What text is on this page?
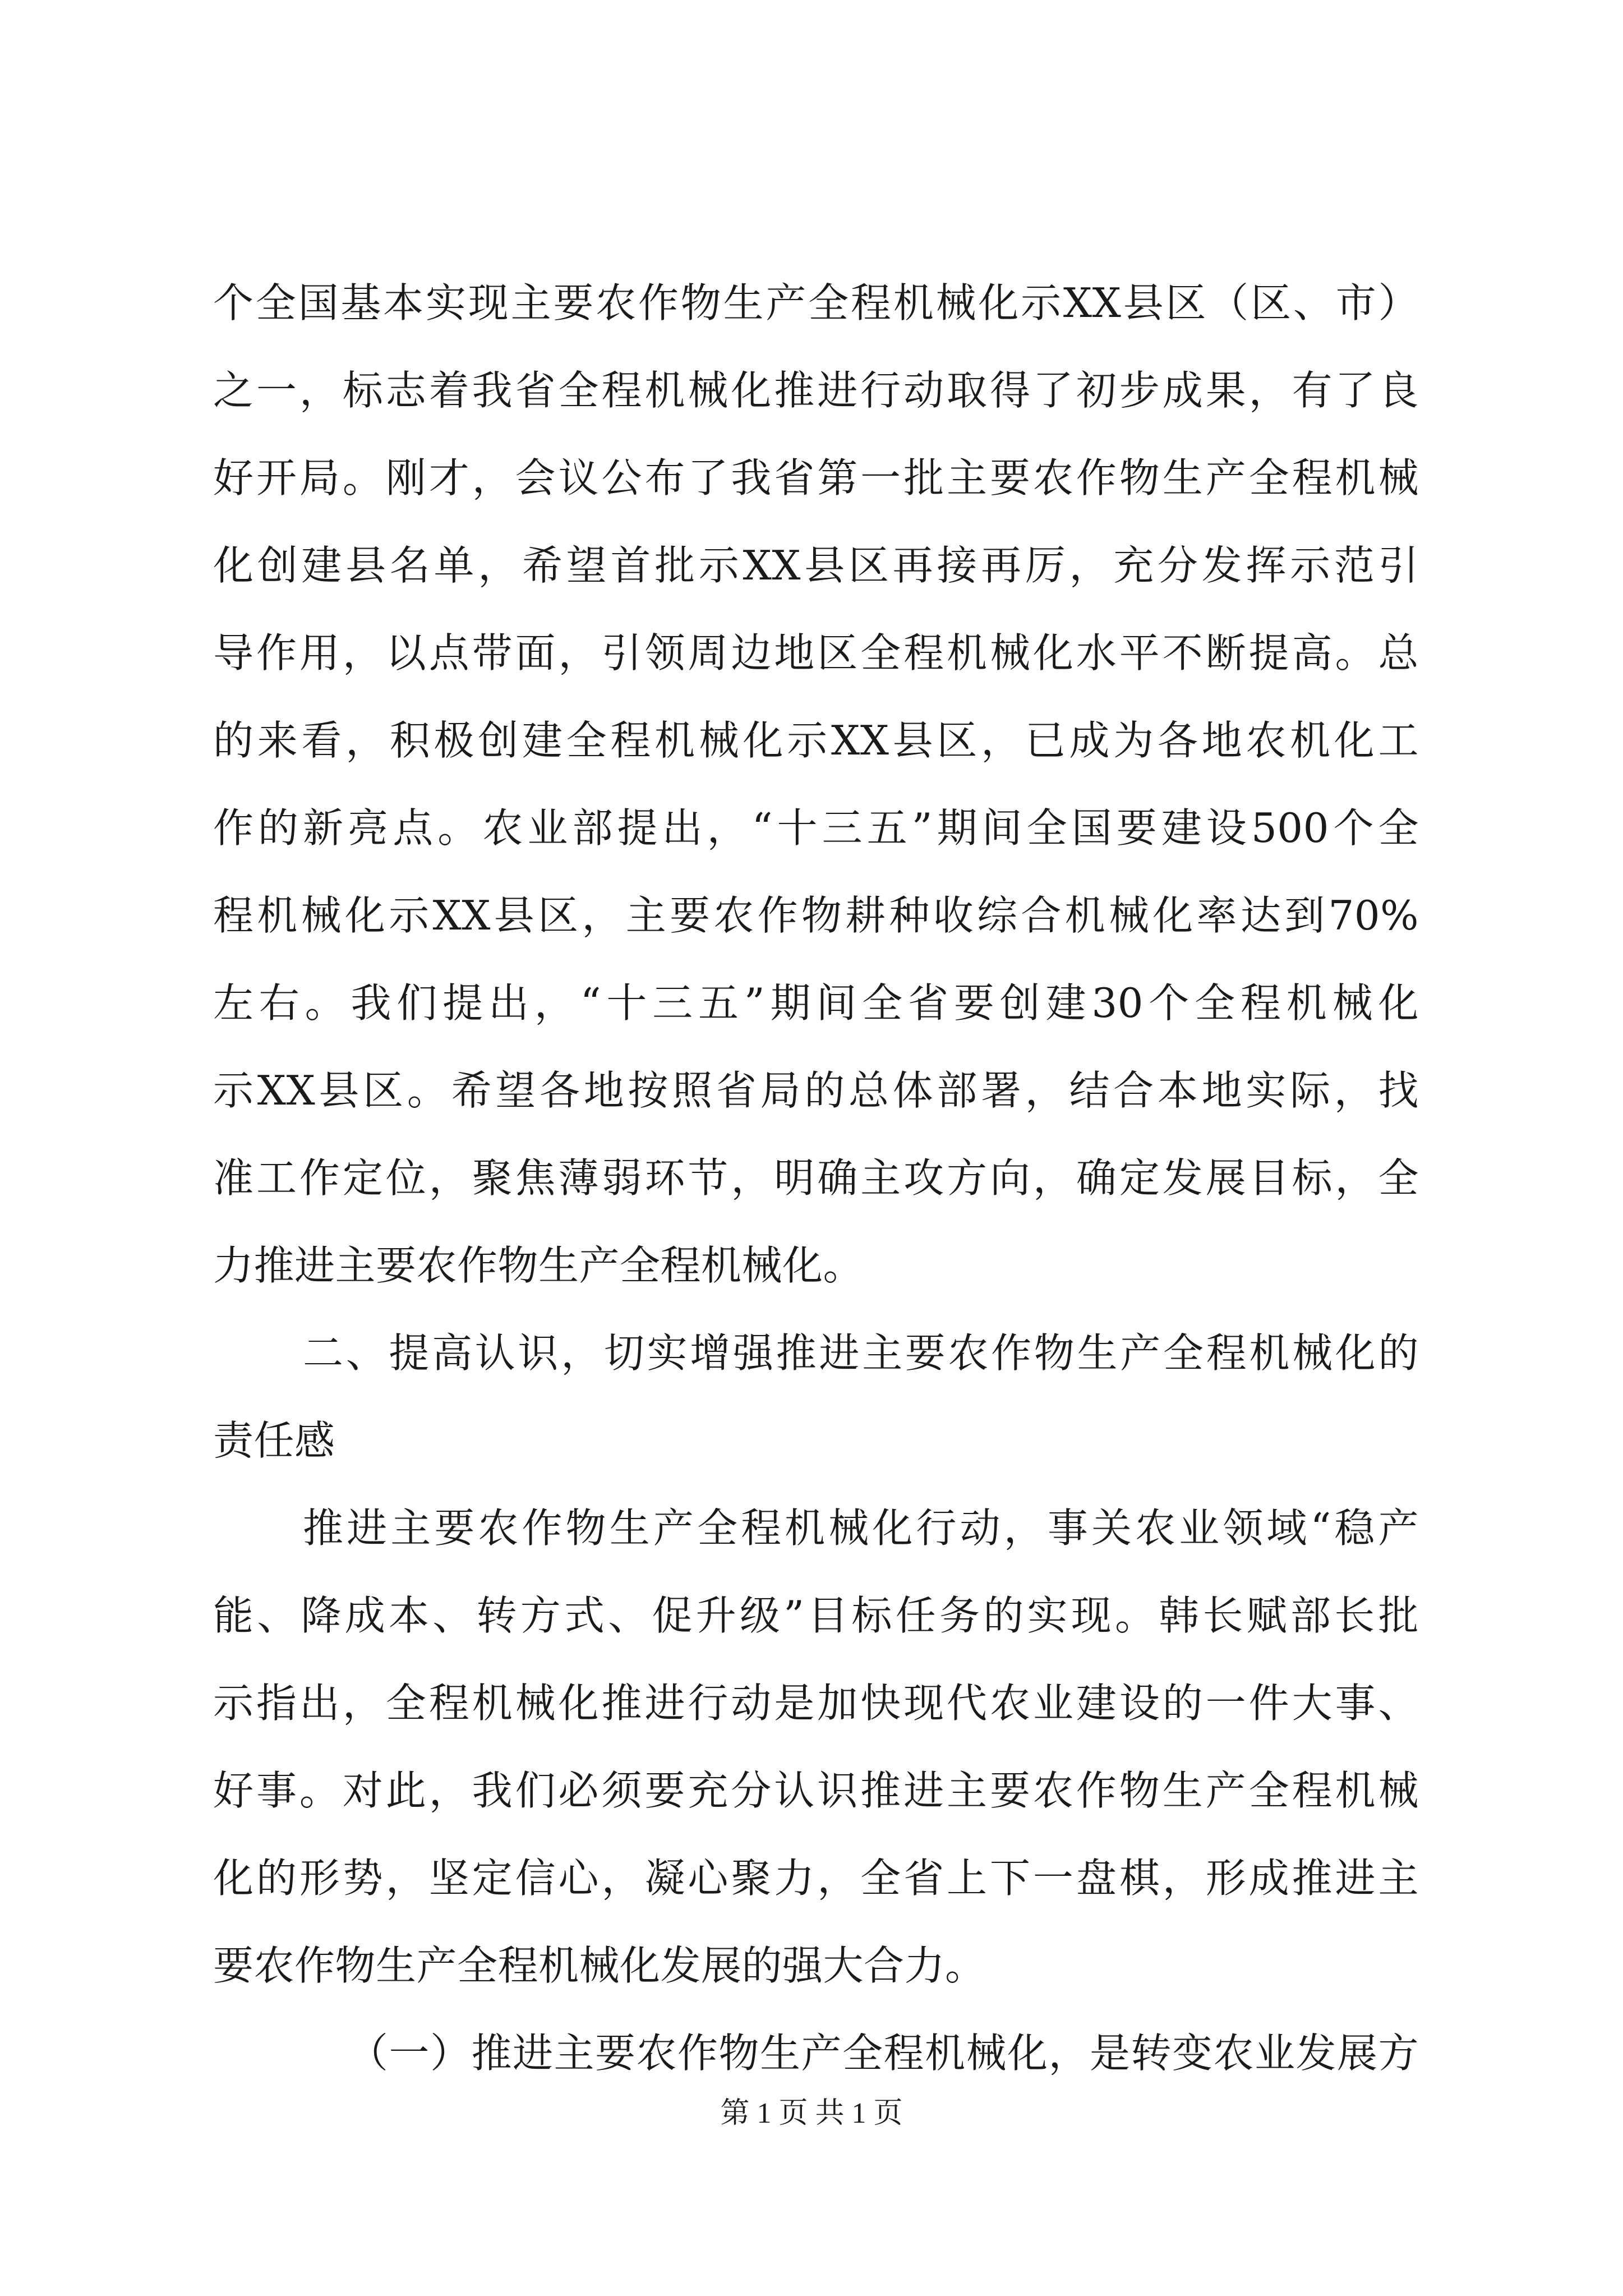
个全国基本实现主要农作物生产全程机械化示XX县区（区、市）
之一，标志着我省全程机械化推进行动取得了初步成果，有了良
好开局。刚才，会议公布了我省第一批主要农作物生产全程机械
化创建县名单，希望首批示XX县区再接再厉，充分发挥示范引
导作用，以点带面，引领周边地区全程机械化水平不断提高。总
的来看，积极创建全程机械化示XX县区，已成为各地农机化工
作的新亮点。农业部提出，“十三五”期间全国要建设500个全
程机械化示XX县区，主要农作物耕种收综合机械化率达到70%
左右。我们提出，“十三五”期间全省要创建30个全程机械化
示XX县区。希望各地按照省局的总体部署，结合本地实际，找
准工作定位，聚焦薄弱环节，明确主攻方向，确定发展目标，全
力推进主要农作物生产全程机械化。
二、提高认识，切实增强推进主要农作物生产全程机械化的
责任感
推进主要农作物生产全程机械化行动，事关农业领域“稳产
能、降成本、转方式、促升级”目标任务的实现。韩长赋部长批
示指出，全程机械化推进行动是加快现代农业建设的一件大事、
好事。对此，我们必须要充分认识推进主要农作物生产全程机械
化的形势，坚定信心，凝心聚力，全省上下一盘棋，形成推进主
要农作物生产全程机械化发展的强大合力。
（一）推进主要农作物生产全程机械化，是转变农业发展方
第 1 页 共 1 页
